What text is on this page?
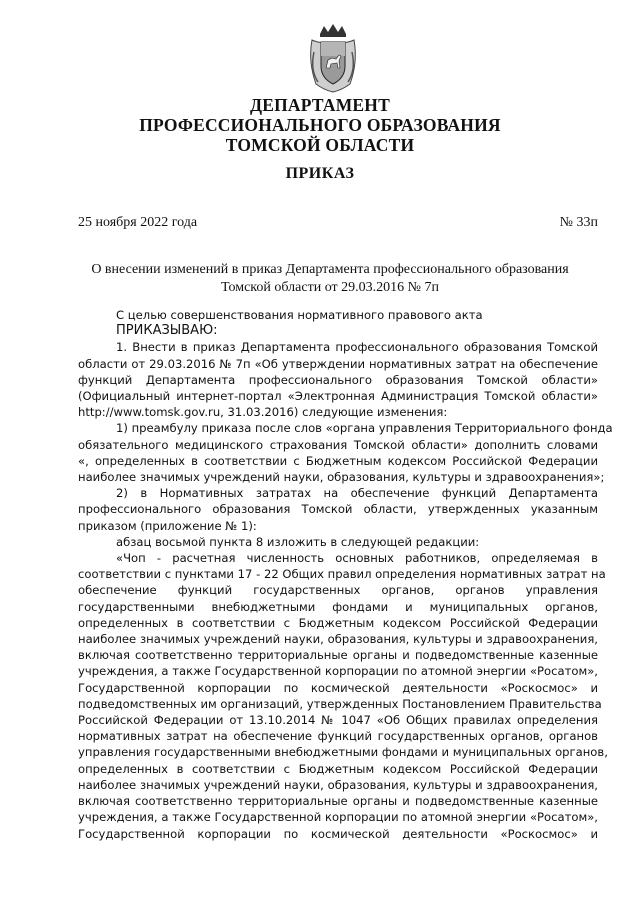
ДЕПАРТАМЕНТ
ПРОФЕССИОНАЛЬНОГО ОБРАЗОВАНИЯ
ТОМСКОЙ ОБЛАСТИ
ПРИКАЗ
25 ноября 2022 года	№ 33п
О внесении изменений в приказ Департамента профессионального образования
Томской области от 29.03.2016 № 7п
С целью совершенствования нормативного правового акта
ПРИКАЗЫВАЮ:
1. Внести в приказ Департамента профессионального образования Томской
области от 29.03.2016 № 7п «Об утверждении нормативных затрат на обеспечение
функций Департамента профессионального образования Томской области»
(Официальный интернет-портал «Электронная Администрация Томской области»
http://www.tomsk.gov.ru, 31.03.2016) следующие изменения:
1) преамбулу приказа после слов «органа управления Территориального фонда
обязательного медицинского страхования Томской области» дополнить словами
«, определенных в соответствии с Бюджетным кодексом Российской Федерации
наиболее значимых учреждений науки, образования, культуры и здравоохранения»;
2) в Нормативных затратах на обеспечение функций Департамента
профессионального образования Томской области, утвержденных указанным
приказом (приложение № 1):
абзац восьмой пункта 8 изложить в следующей редакции:
«Чоп - расчетная численность основных работников, определяемая в
соответствии с пунктами 17 - 22 Общих правил определения нормативных затрат на
обеспечение функций государственных органов, органов управления
государственными внебюджетными фондами и муниципальных органов,
определенных в соответствии с Бюджетным кодексом Российской Федерации
наиболее значимых учреждений науки, образования, культуры и здравоохранения,
включая соответственно территориальные органы и подведомственные казенные
учреждения, а также Государственной корпорации по атомной энергии «Росатом»,
Государственной корпорации по космической деятельности «Роскосмос» и
подведомственных им организаций, утвержденных Постановлением Правительства
Российской Федерации от 13.10.2014 № 1047 «Об Общих правилах определения
нормативных затрат на обеспечение функций государственных органов, органов
управления государственными внебюджетными фондами и муниципальных органов,
определенных в соответствии с Бюджетным кодексом Российской Федерации
наиболее значимых учреждений науки, образования, культуры и здравоохранения,
включая соответственно территориальные органы и подведомственные казенные
учреждения, а также Государственной корпорации по атомной энергии «Росатом»,
Государственной корпорации по космической деятельности «Роскосмос» и
